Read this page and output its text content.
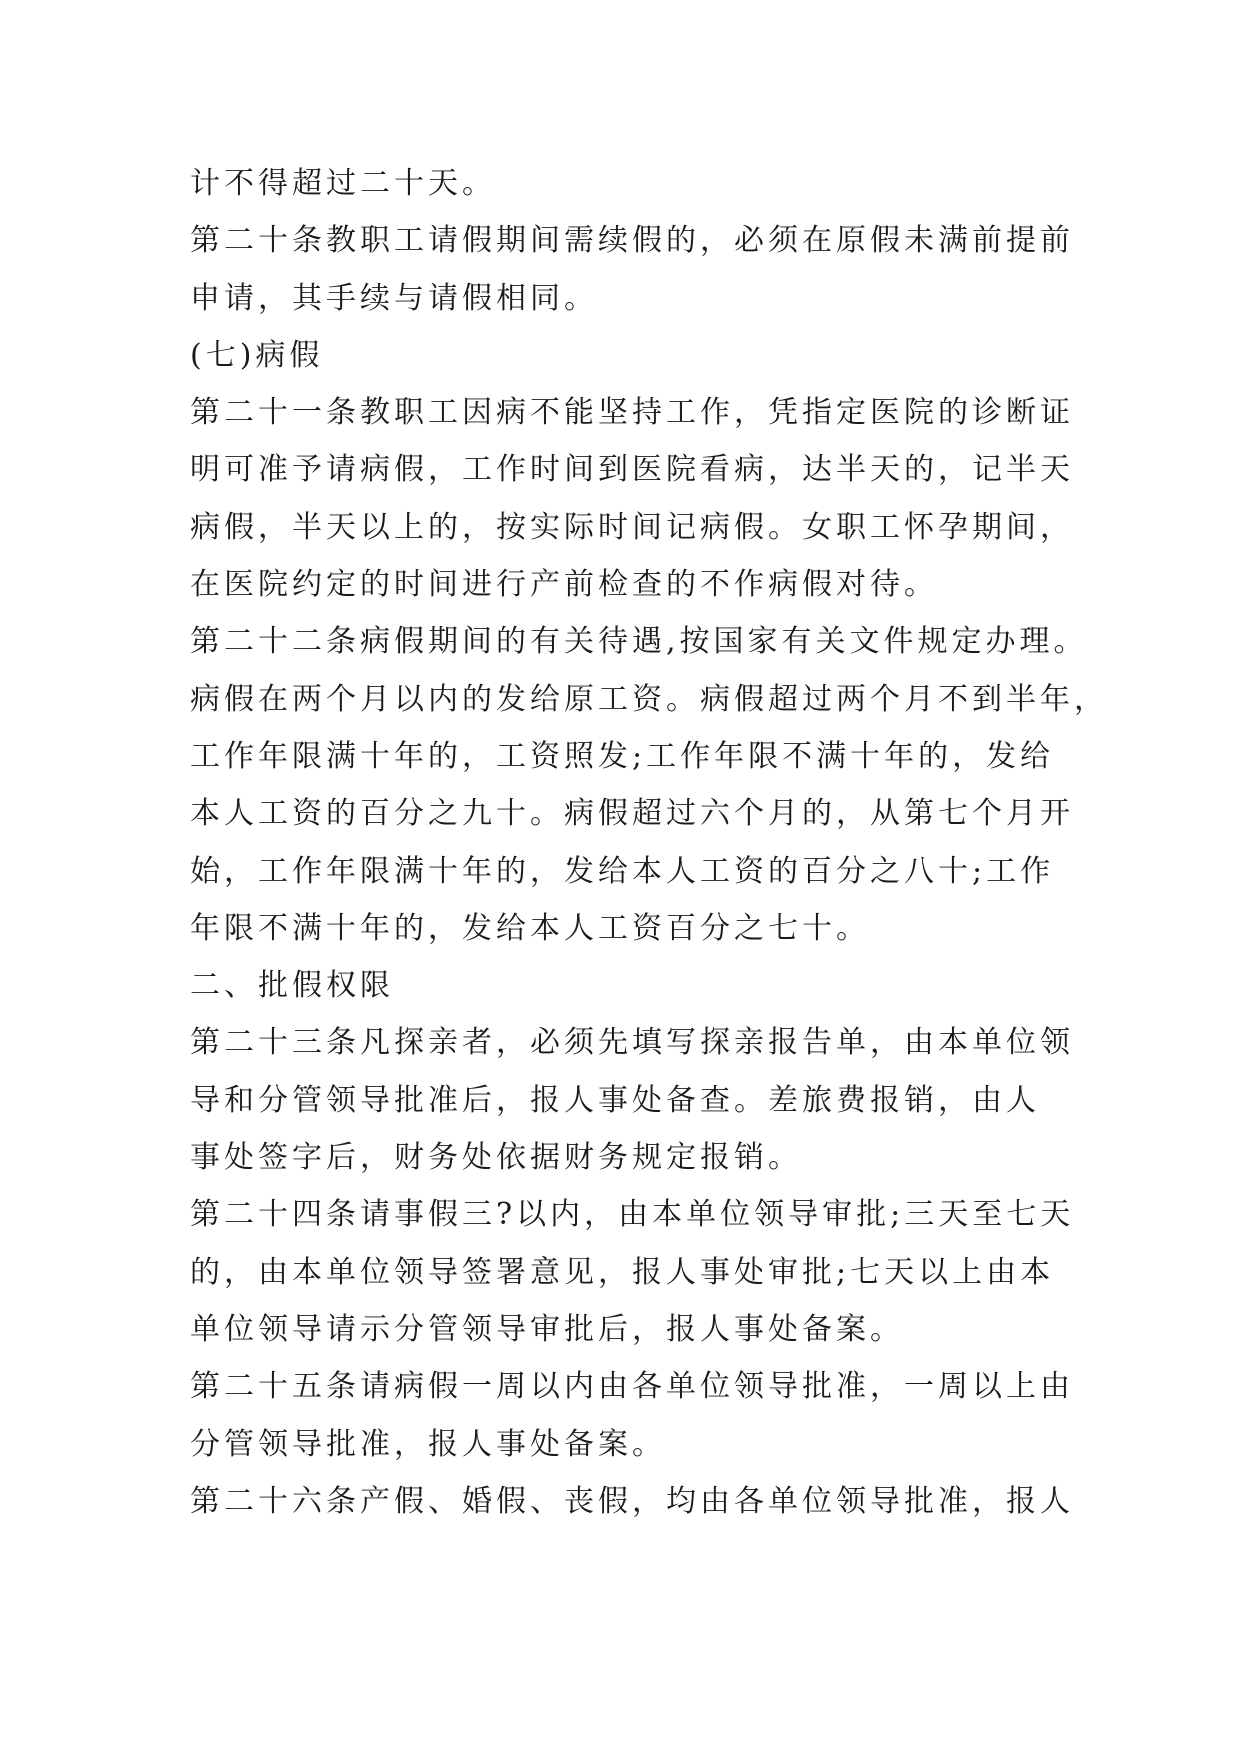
计不得超过二十天。
第二十条教职工请假期间需续假的，必须在原假未满前提前
申请，其手续与请假相同。
(七)病假
第二十一条教职工因病不能坚持工作，凭指定医院的诊断证
明可准予请病假，工作时间到医院看病，达半天的，记半天
病假，半天以上的，按实际时间记病假。女职工怀孕期间，
在医院约定的时间进行产前检查的不作病假对待。
第二十二条病假期间的有关待遇,按国家有关文件规定办理。
病假在两个月以内的发给原工资。病假超过两个月不到半年，
工作年限满十年的，工资照发;工作年限不满十年的，发给
本人工资的百分之九十。病假超过六个月的，从第七个月开
始，工作年限满十年的，发给本人工资的百分之八十;工作
年限不满十年的，发给本人工资百分之七十。
二、批假权限
第二十三条凡探亲者，必须先填写探亲报告单，由本单位领
导和分管领导批准后，报人事处备查。差旅费报销，由人
事处签字后，财务处依据财务规定报销。
第二十四条请事假三?以内，由本单位领导审批;三天至七天
的，由本单位领导签署意见，报人事处审批;七天以上由本
单位领导请示分管领导审批后，报人事处备案。
第二十五条请病假一周以内由各单位领导批准，一周以上由
分管领导批准，报人事处备案。
第二十六条产假、婚假、丧假，均由各单位领导批准，报人
